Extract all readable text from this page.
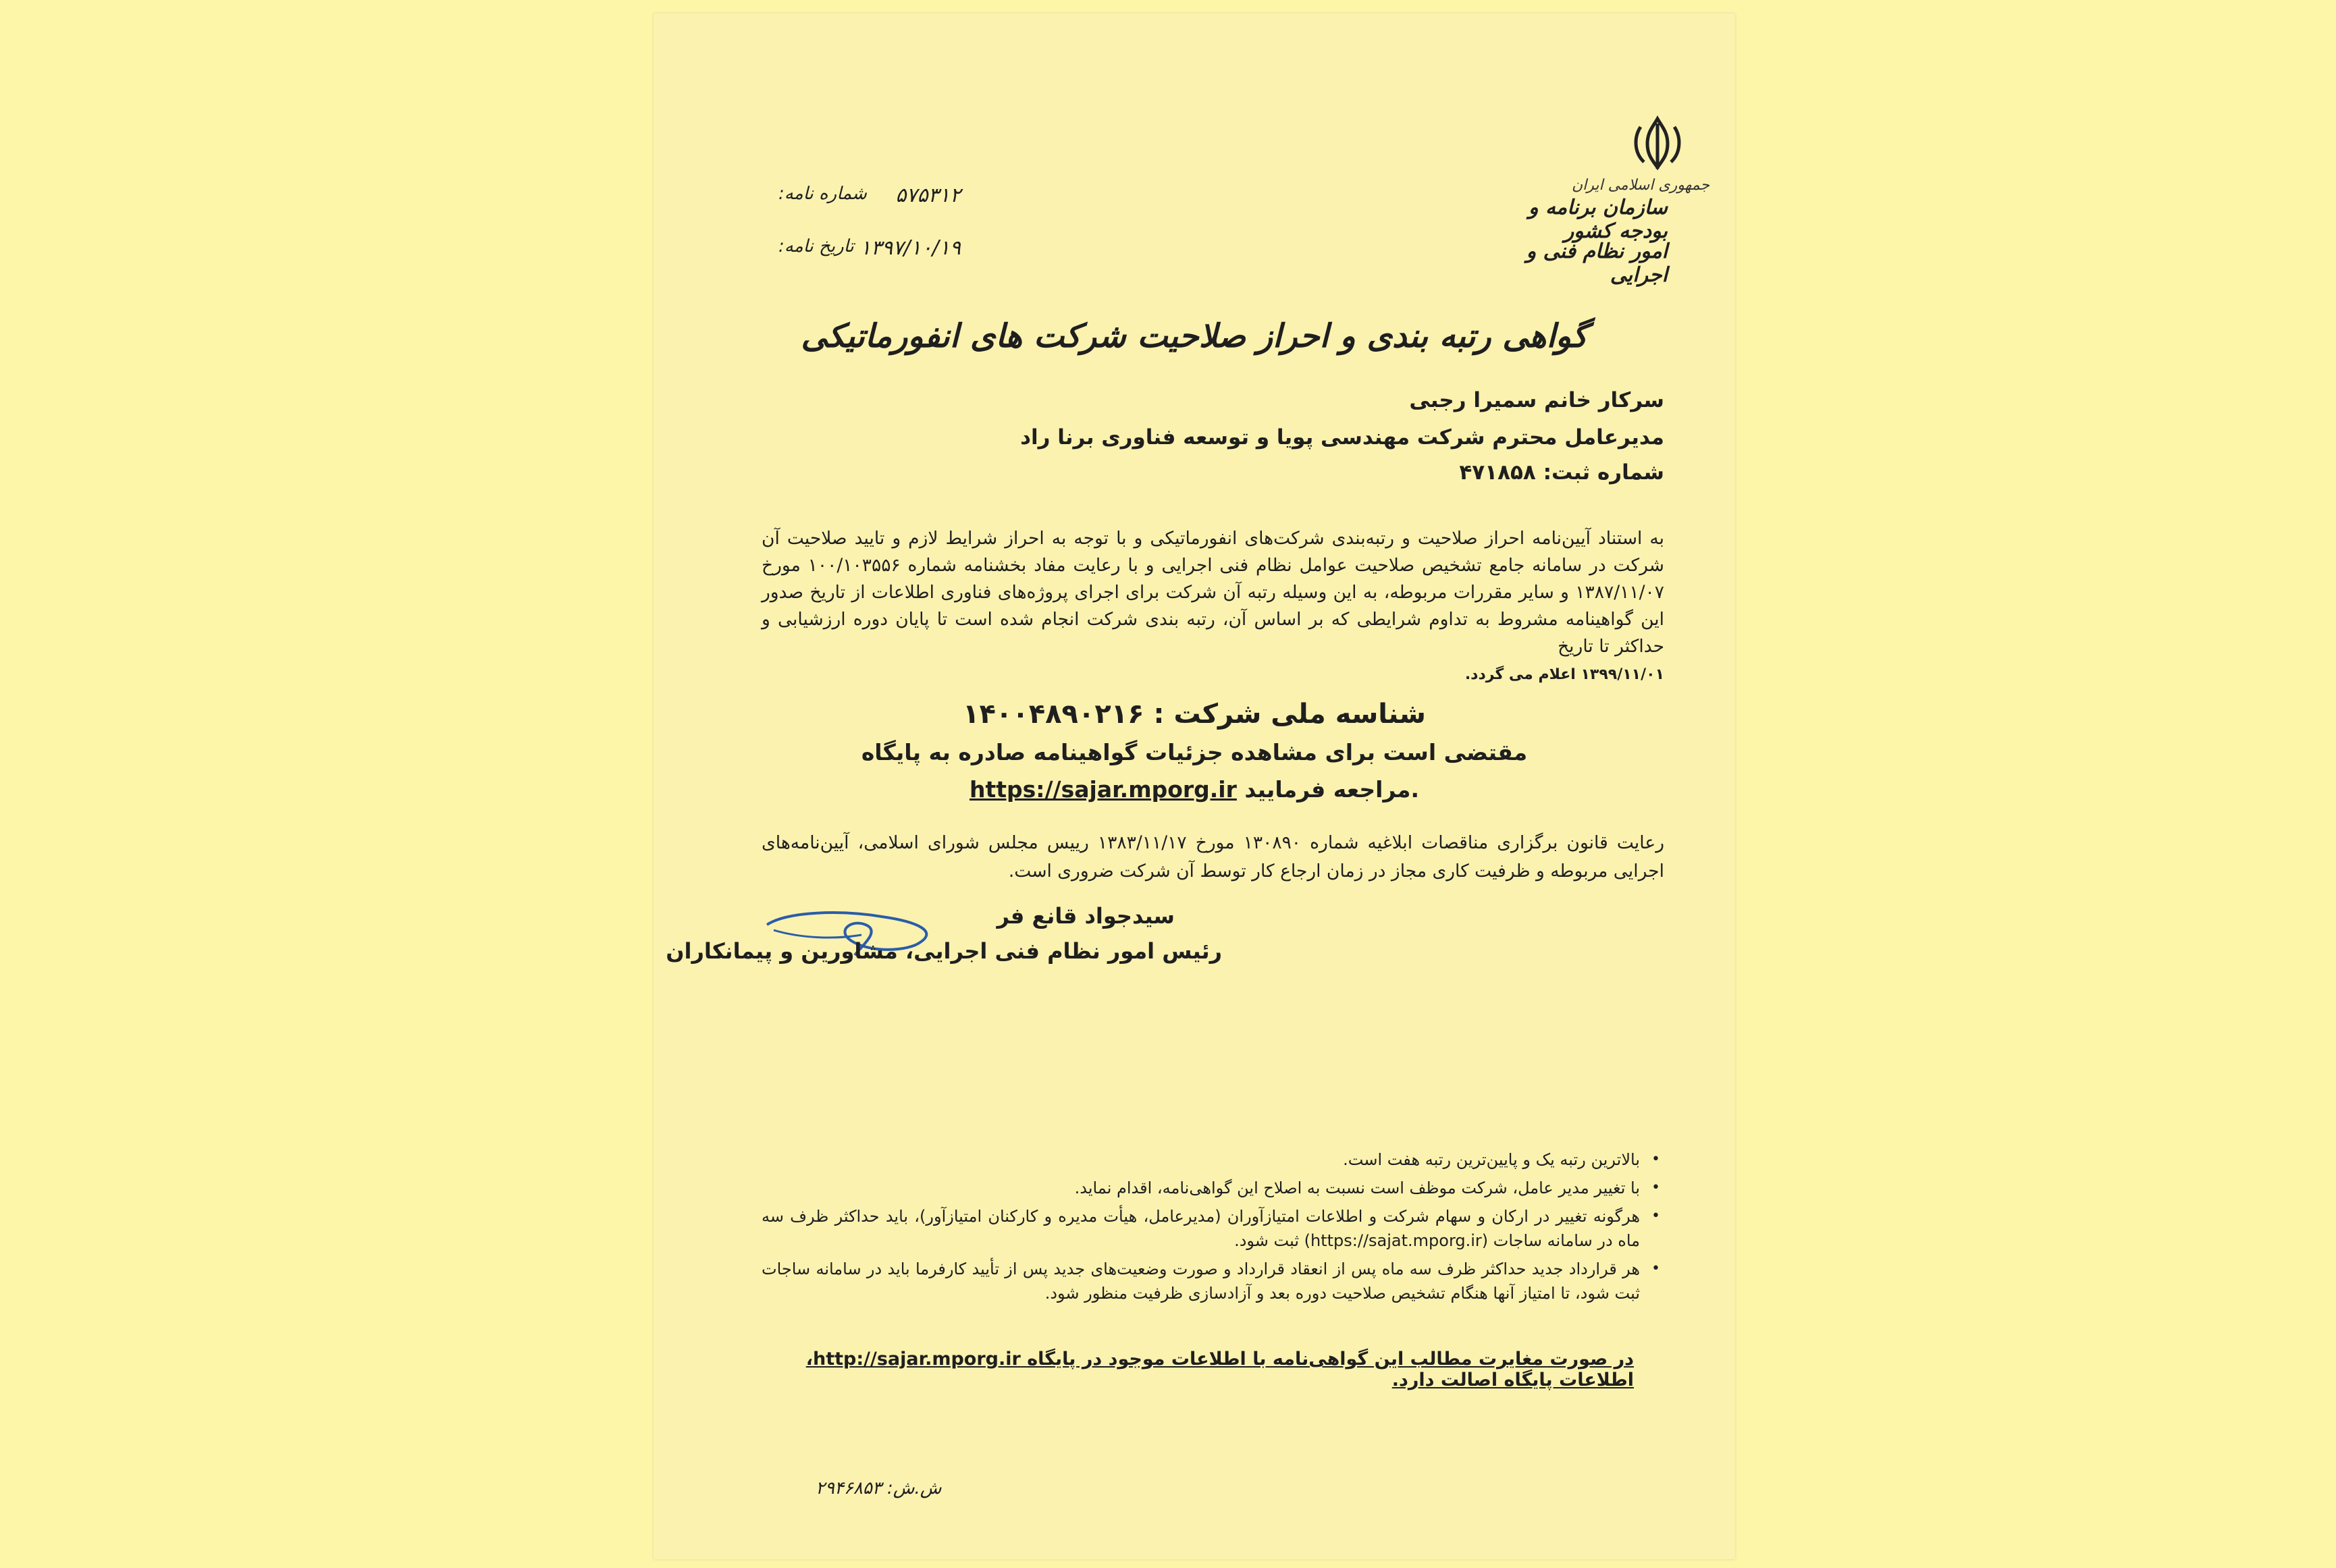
جمهوری اسلامی ایران
سازمان برنامه و بودجه کشور
امور نظام فنی و اجرایی
شماره نامه: ۵۷۵۳۱۲
تاریخ نامه: ۱۳۹۷/۱۰/۱۹
گواهی رتبه بندی و احراز صلاحیت شرکت های انفورماتیکی
سرکار خانم سمیرا رجبی
مدیرعامل محترم شرکت مهندسی پویا و توسعه فناوری برنا راد
شماره ثبت: ۴۷۱۸۵۸
به استناد آیین‌نامه احراز صلاحیت و رتبه‌بندی شرکت‌های انفورماتیکی و با توجه به احراز شرایط لازم و تایید صلاحیت آن شرکت در سامانه جامع تشخیص صلاحیت عوامل نظام فنی اجرایی و با رعایت مفاد بخشنامه شماره ۱۰۰/۱۰۳۵۵۶ مورخ ۱۳۸۷/۱۱/۰۷ و سایر مقررات مربوطه، به این وسیله رتبه آن شرکت برای اجرای پروژه‌های فناوری اطلاعات از تاریخ صدور این گواهینامه مشروط به تداوم شرایطی که بر اساس آن، رتبه بندی شرکت انجام شده است تا پایان دوره ارزشیابی و حداکثر تا تاریخ
۱۳۹۹/۱۱/۰۱ اعلام می گردد.
شناسه ملی شرکت : ۱۴۰۰۴۸۹۰۲۱۶
مقتضی است برای مشاهده جزئیات گواهینامه صادره به پایگاه
https://sajar.mporg.ir مراجعه فرمایید.
رعایت قانون برگزاری مناقصات ابلاغیه شماره ۱۳۰۸۹۰ مورخ ۱۳۸۳/۱۱/۱۷ رییس مجلس شورای اسلامی، آیین‌نامه‌های اجرایی مربوطه و ظرفیت کاری مجاز در زمان ارجاع کار توسط آن شرکت ضروری است.
سیدجواد قانع فر
رئیس امور نظام فنی اجرایی، مشاورین و پیمانکاران
•
بالاترین رتبه یک و پایین‌ترین رتبه هفت است.
•
با تغییر مدیر عامل، شرکت موظف است نسبت به اصلاح این گواهی‌نامه، اقدام نماید.
•
هرگونه تغییر در ارکان و سهام شرکت و اطلاعات امتیازآوران (مدیرعامل، هیأت مدیره و کارکنان امتیازآور)، باید حداکثر ظرف سه ماه در سامانه ساجات (https://sajat.mporg.ir) ثبت شود.
•
هر قرارداد جدید حداکثر ظرف سه ماه پس از انعقاد قرارداد و صورت وضعیت‌های جدید پس از تأیید کارفرما باید در سامانه ساجات ثبت شود، تا امتیاز آنها هنگام تشخیص صلاحیت دوره بعد و آزادسازی ظرفیت منظور شود.
در صورت مغایرت مطالب این گواهی‌نامه با اطلاعات موجود در پایگاه http://sajar.mporg.ir، اطلاعات پایگاه اصالت دارد.
ش.ش: ۲۹۴۶۸۵۳
